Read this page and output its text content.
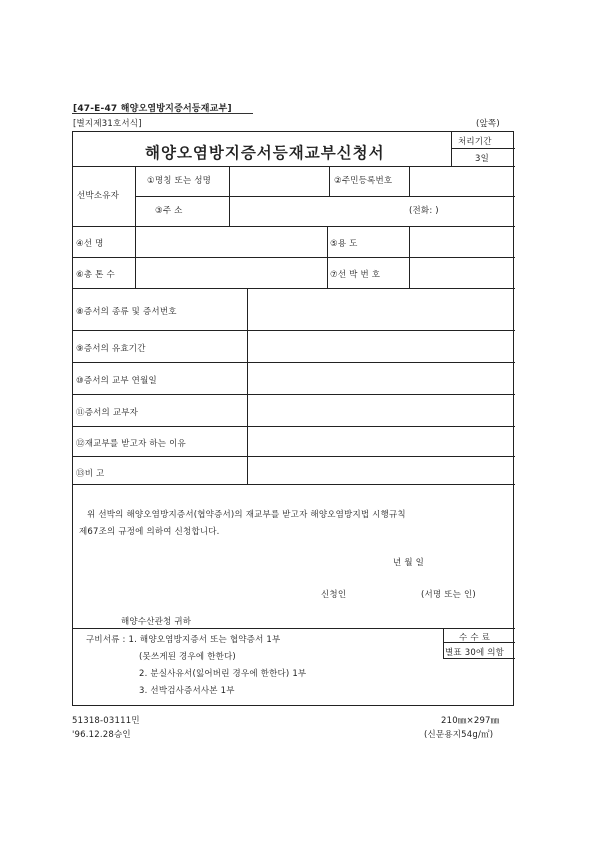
[47-E-47 해양오염방지증서등재교부]
[별지제31호서식]	(앞쪽)
해양오염방지증서등재교부신청서
처리기간
3일
선박소유자
①명칭 또는 성명	②주민등록번호
③주 소	(전화: )
④선 명	⑤용 도
⑥총 톤 수	⑦선 박 번 호
⑧증서의 종류 및 증서번호
⑨증서의 유효기간
⑩증서의 교부 연월일
⑪증서의 교부자
⑫재교부를 받고자 하는 이유
⑬비 고
위 선박의 해양오염방지증서(협약증서)의 재교부를 받고자 해양오염방지법 시행규칙
제67조의 규정에 의하여 신청합니다.
년 월 일
신청인	(서명 또는 인)
해양수산관청 귀하
구비서류 : 1. 해양오염방지증서 또는 협약증서 1부
(못쓰게된 경우에 한한다)
2. 분실사유서(잃어버린 경우에 한한다) 1부
3. 선박검사증서사본 1부
수 수 료
별표 30에 의함
51318-03111민
'96.12.28승인
210㎜×297㎜
(신문용지54g/㎡)
